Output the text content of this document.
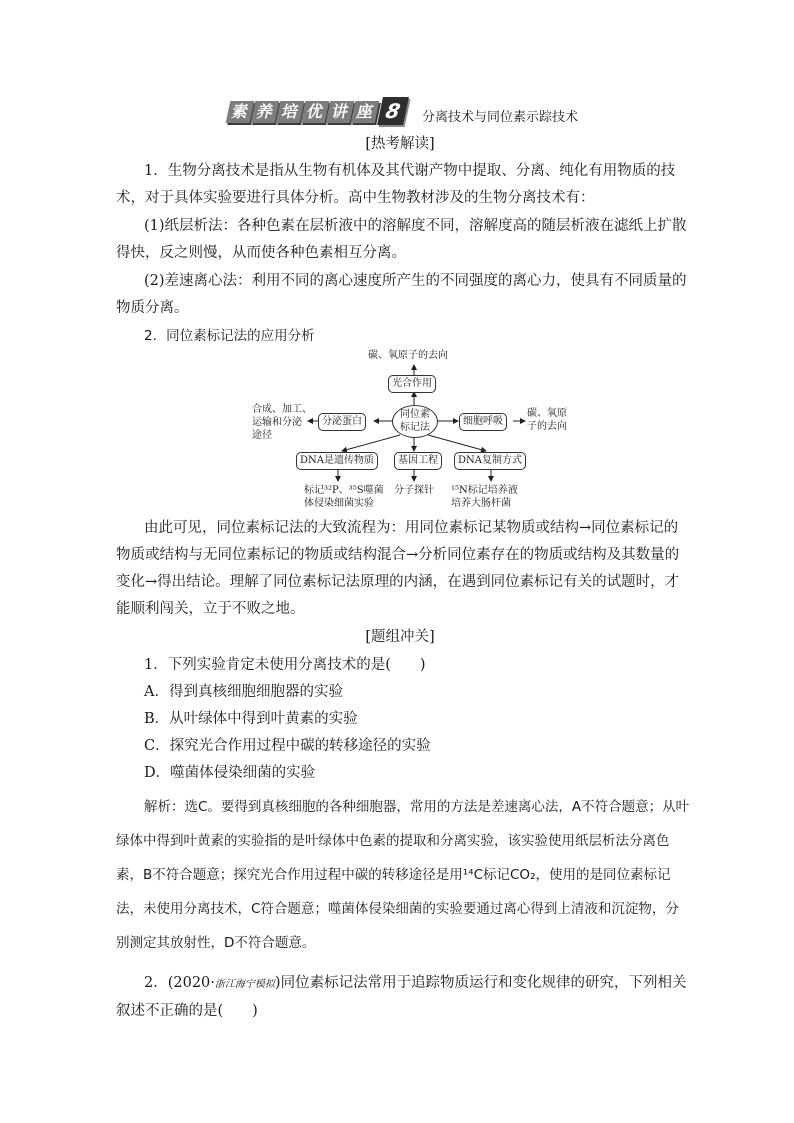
素 养 培 优 讲 座 8	分离技术与同位素示踪技术
[热考解读]
1．生物分离技术是指从生物有机体及其代谢产物中提取、分离、纯化有用物质的技术，对于具体实验要进行具体分析。高中生物教材涉及的生物分离技术有：
(1)纸层析法：各种色素在层析液中的溶解度不同，溶解度高的随层析液在滤纸上扩散得快，反之则慢，从而使各种色素相互分离。
(2)差速离心法：利用不同的离心速度所产生的不同强度的离心力，使具有不同质量的物质分离。
2．同位素标记法的应用分析
碳、氧原子的去向
光合作用
合成、加工、
运输和分泌
途径
分泌蛋白
同位素
标记法
细胞呼吸
碳、氧原
子的去向
DNA是遗传物质	基因工程	DNA复制方式
标记³²P、³⁵S噬菌
体侵染细菌实验
分子探针 ¹⁵N标记培养液
培养大肠杆菌
由此可见，同位素标记法的大致流程为：用同位素标记某物质或结构→同位素标记的物质或结构与无同位素标记的物质或结构混合→分析同位素存在的物质或结构及其数量的变化→得出结论。理解了同位素标记法原理的内涵，在遇到同位素标记有关的试题时，才能顺利闯关，立于不败之地。
[题组冲关]
1．下列实验肯定未使用分离技术的是(　　)
A．得到真核细胞细胞器的实验
B．从叶绿体中得到叶黄素的实验
C．探究光合作用过程中碳的转移途径的实验
D．噬菌体侵染细菌的实验
解析：选C。要得到真核细胞的各种细胞器，常用的方法是差速离心法，A不符合题意；从叶绿体中得到叶黄素的实验指的是叶绿体中色素的提取和分离实验，该实验使用纸层析法分离色素，B不符合题意；探究光合作用过程中碳的转移途径是用¹⁴C标记CO₂，使用的是同位素标记法，未使用分离技术，C符合题意；噬菌体侵染细菌的实验要通过离心得到上清液和沉淀物，分别测定其放射性，D不符合题意。
2．(2020·浙江海宁模拟)同位素标记法常用于追踪物质运行和变化规律的研究，下列相关叙述不正确的是(　　)
